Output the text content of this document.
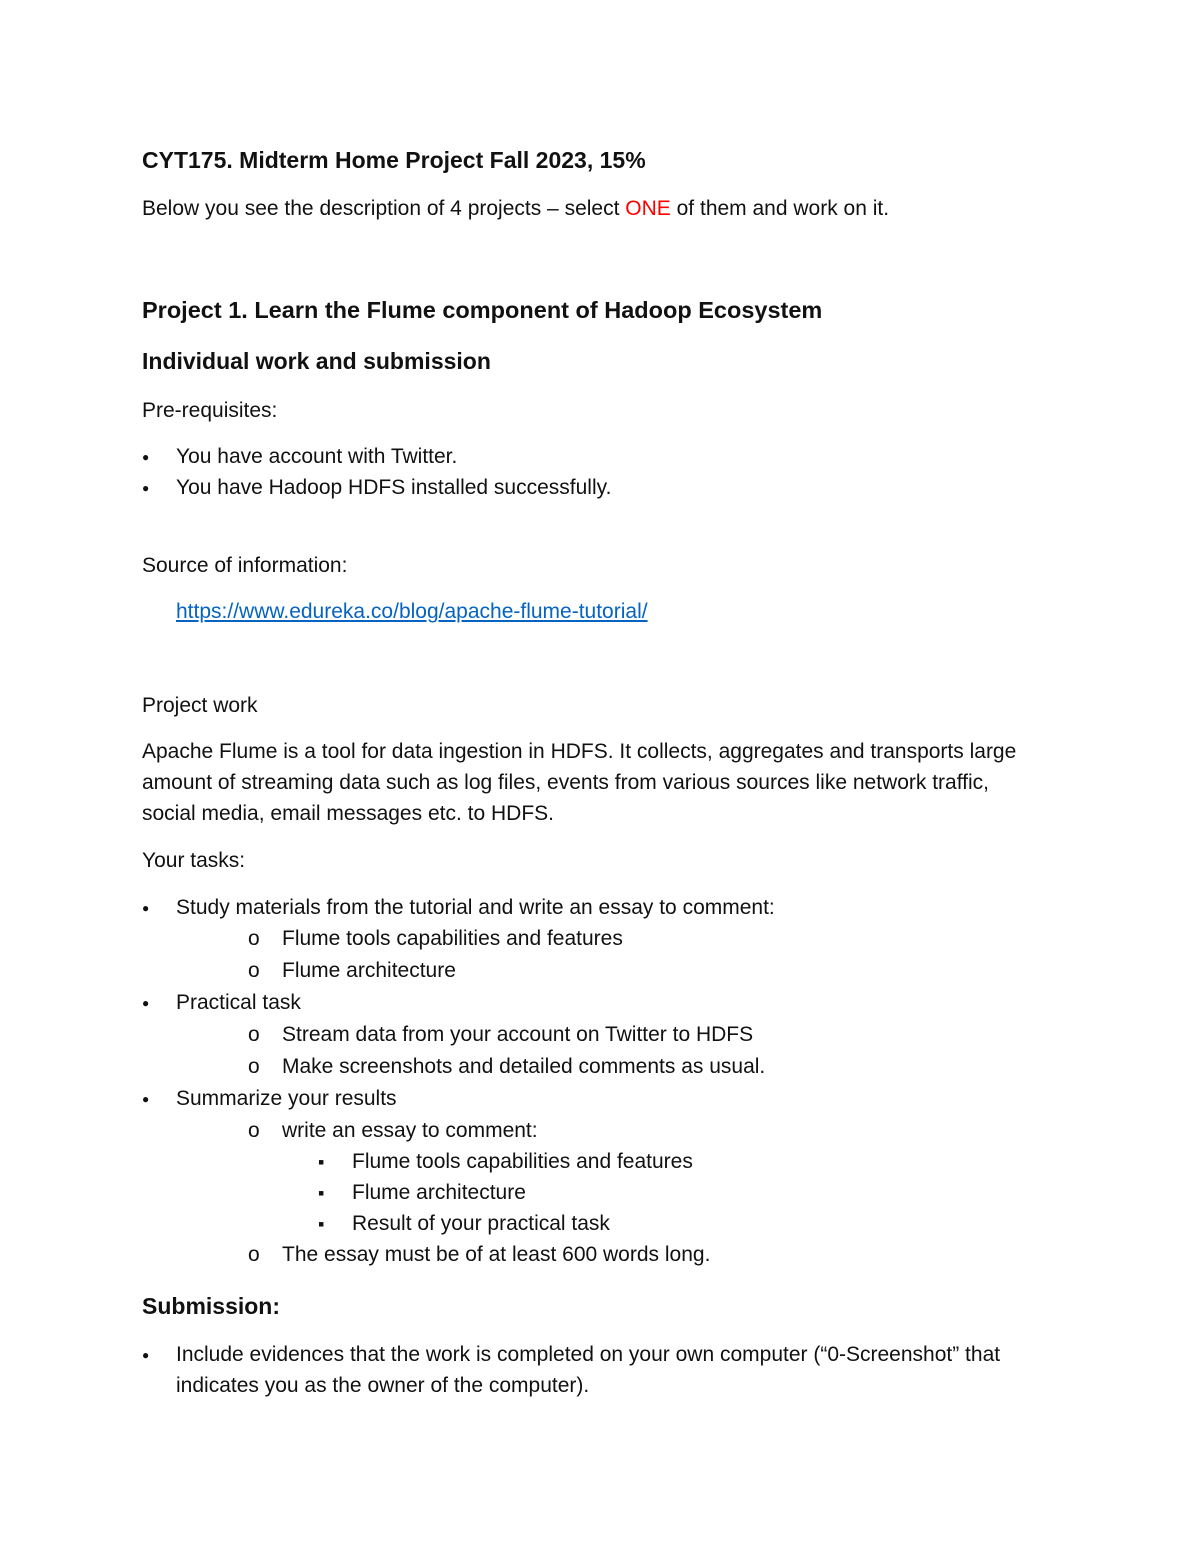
CYT175. Midterm Home Project Fall 2023, 15%
Below you see the description of 4 projects – select ONE of them and work on it.
Project 1. Learn the Flume component of Hadoop Ecosystem
Individual work and submission
Pre-requisites:
●
You have account with Twitter.
●
You have Hadoop HDFS installed successfully.
Source of information:
https://www.edureka.co/blog/apache-flume-tutorial/
Project work
Apache Flume is a tool for data ingestion in HDFS. It collects, aggregates and transports large
amount of streaming data such as log files, events from various sources like network traffic,
social media, email messages etc. to HDFS.
Your tasks:
●
Study materials from the tutorial and write an essay to comment:
o
Flume tools capabilities and features
o
Flume architecture
●
Practical task
o
Stream data from your account on Twitter to HDFS
o
Make screenshots and detailed comments as usual.
●
Summarize your results
o
write an essay to comment:
▪
Flume tools capabilities and features
▪
Flume architecture
▪
Result of your practical task
o
The essay must be of at least 600 words long.
Submission:
●
Include evidences that the work is completed on your own computer (“0-Screenshot” that
indicates you as the owner of the computer).
